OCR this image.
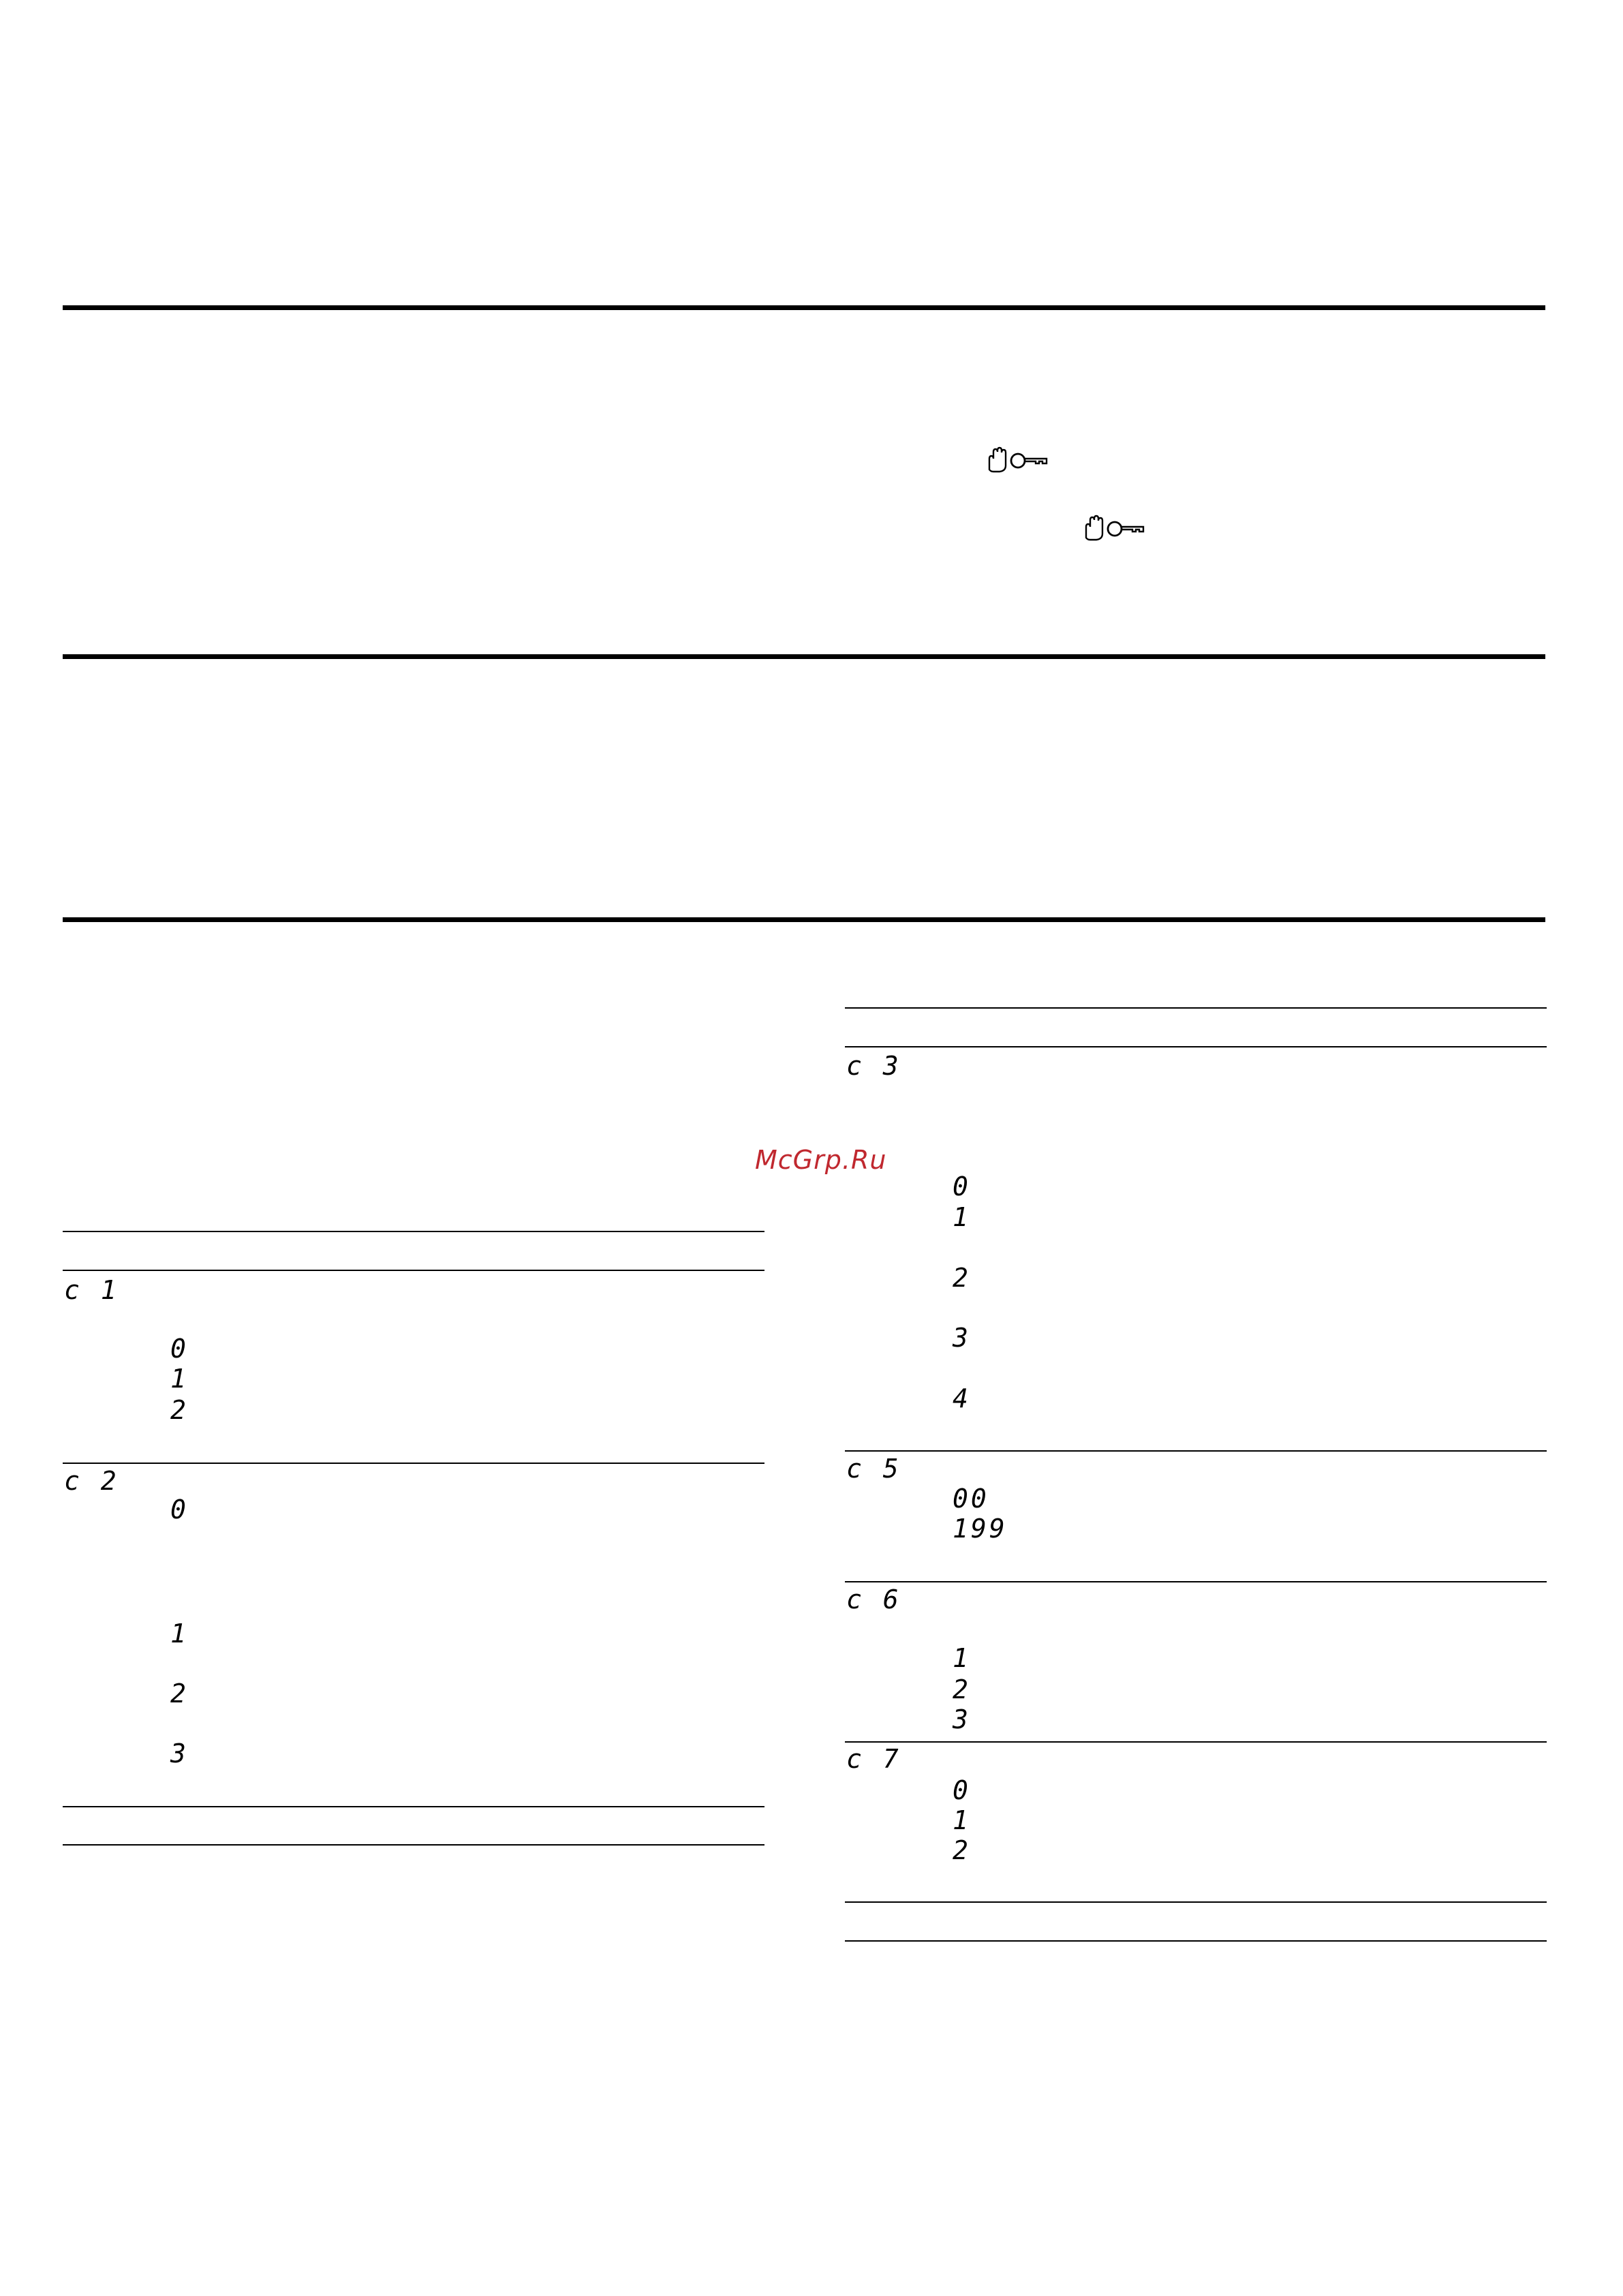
McGrp.Ru
c 1
0
1
2
c 2
0
1
2
3
c 3
0
1
2
3
4
c 5
00
199
c 6
1
2
3
c 7
0
1
2
